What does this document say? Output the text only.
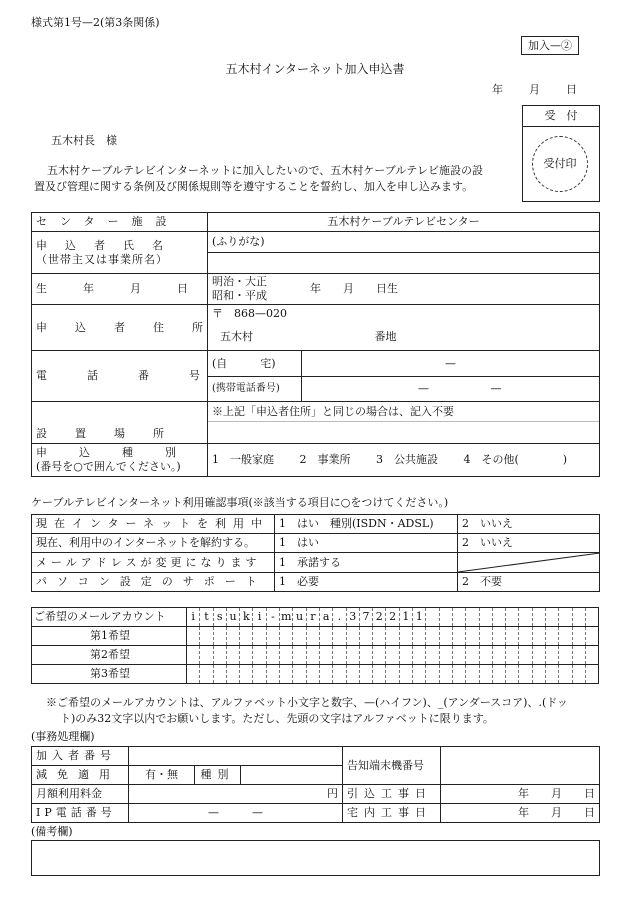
様式第1号—2(第3条関係)
加入—②
五木村インターネット加入申込書
年 月 日
受　付
受付印
五木村長　様
五木村ケーブルテレビインターネットに加入したいので、五木村ケーブルテレビ施設の設
置及び管理に関する条例及び関係規則等を遵守することを誓約し、加入を申し込みます。
センター施設	五木村ケーブルテレビセンター	

申込者氏名
（世帯主又は事業所名）	(ふりがな)	

生年月日	明治・大正
昭和・平成
年　　月　　日生	

申込者住所	〒　868—020	
	五木村 番地	
電話番号	(自　　　宅)	—
	(携帯電話番号)	— —
設置場所	※上記「申込者住所」と同じの場合は、記入不要	

申込種別
(番号を○で囲んでください。)	1　一般家庭 2　事業所 3　公共施設 4　その他(　　　　)	
ケーブルテレビインターネット利用確認事項(※該当する項目に○をつけてください。)
現在インターネットを利用中	1　はい　種別(ISDN・ADSL)	2　いいえ
現在、利用中のインターネットを解約する。	1　はい	2　いいえ
メールアドレスが変更になります	1　承諾する	

パソコン設定のサポート	1　必要	2　不要
ご希望のメールアカウント	i	t	s	u	k	i	-	m	u	r	a	.	3	7	2	2	1	1													
第1希望																															
第2希望																															
第3希望																															
※ご希望のメールアカウントは、アルファベット小文字と数字、—(ハイフン)、_(アンダースコア)、.(ドッ
ト)のみ32文字以内でお願いします。ただし、先頭の文字はアルファベットに限ります。
(事務処理欄)
加入者番号				告知端末機番号	
減免適用	有・無	種別			
月額利用料金	円			引込工事日	年　　月　　日
IP電話番号	—　　　—			宅内工事日	年　　月　　日
(備考欄)
